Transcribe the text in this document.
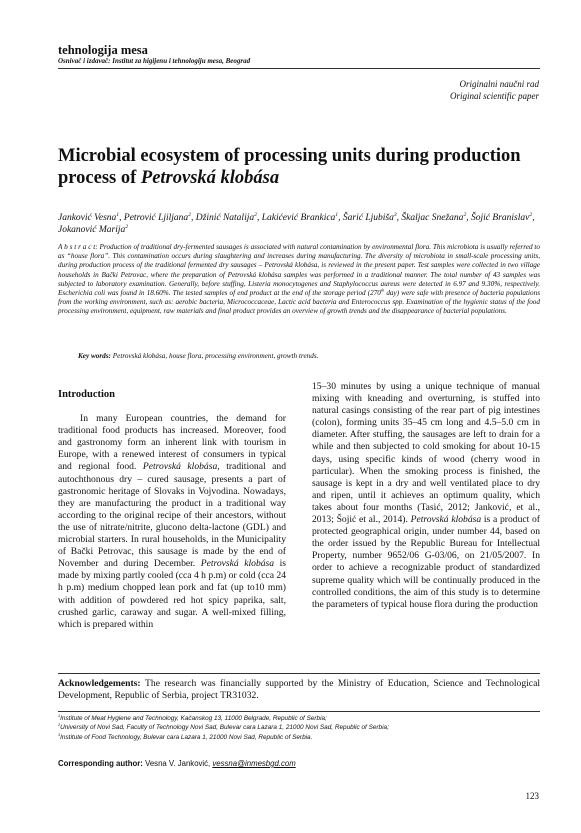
tehnologija mesa
Osnivač i izdavač: Institut za higijenu i tehnologiju mesa, Beograd
Originalni naučni rad
Original scientific paper
Microbial ecosystem of processing units during production process of Petrovská klobása
Janković Vesna$^1$, Petrović Ljiljana$^2$, Džinić Natalija$^2$, Lakićević Brankica$^1$, Šarić Ljubiša$^3$, Škaljac Snežana$^2$, Šojić Branislav$^2$, Jokanović Marija$^2$
A b s t r a c t: Production of traditional dry-fermented sausages is associated with natural contamination by environmental flora. This microbiota is usually referred to as “house flora”. This contamination occurs during slaughtering and increases during manufacturing. The diversity of microbiota in small-scale processing units, during production process of the traditional fermented dry sausages – Petrovská klobása, is reviewed in the present paper. Test samples were collected in two village households in Bački Petrovac, where the preparation of Petrovská klobása samples was performed in a traditional manner. The total number of 43 samples was subjected to laboratory examination. Generally, before stuffing, Listeria monocytogenes and Staphylococcus aureus were detected in 6.97 and 9.30%, respectively. Escherichia coli was found in 18.60%. The tested samples of end product at the end of the storage period (270th day) were safe with presence of bacteria populations from the working environment, such as: aerobic bacteria, Micrococcaceae, Lactic acid bacteria and Enterococcus spp. Examination of the hygienic status of the food processing environment, equipment, raw materials and final product provides an overview of growth trends and the disappearance of bacterial populations.
Key words: Petrovská klobása, house flora, processing environment, growth trends.
Introduction

In many European countries, the demand for traditional food products has increased. Moreover, food and gastronomy form an inherent link with tourism in Europe, with a renewed interest of consumers in typical and regional food. Petrovská klobása, traditional and autochthonous dry – cured sausage, presents a part of gastronomic heritage of Slovaks in Vojvodina. Nowadays, they are manufacturing the product in a traditional way according to the original recipe of their ancestors, without the use of nitrate/nitrite, glucono delta-lactone (GDL) and microbial starters. In rural households, in the Municipality of Bački Petrovac, this sausage is made by the end of November and during December. Petrovská klobása is made by mixing partly cooled (cca 4 h p.m) or cold (cca 24 h p.m) medium chopped lean pork and fat (up to10 mm) with addition of powdered red hot spicy paprika, salt, crushed garlic, caraway and sugar. A well-mixed filling, which is prepared within

15–30 minutes by using a unique technique of manual mixing with kneading and overturning, is stuffed into natural casings consisting of the rear part of pig intestines (colon), forming units 35–45 cm long and 4.5–5.0 cm in diameter. After stuffing, the sausages are left to drain for a while and then subjected to cold smoking for about 10-15 days, using specific kinds of wood (cherry wood in particular). When the smoking process is finished, the sausage is kept in a dry and well ventilated place to dry and ripen, until it achieves an optimum quality, which takes about four months (Tasić, 2012; Janković, et al., 2013; Šojić et al., 2014). Petrovská klobása is a product of protected geographical origin, under number 44, based on the order issued by the Republic Bureau for Intellectual Property, number 9652/06 G-03/06, on 21/05/2007. In order to achieve a recognizable product of standardized supreme quality which will be continually produced in the controlled conditions, the aim of this study is to determine the parameters of typical house flora during the production

Acknowledgements: The research was financially supported by the Ministry of Education, Science and Technological Development, Republic of Serbia, project TR31032.
$^1$Institute of Meat Hygiene and Technology, Kačanskog 13, 11000 Belgrade, Republic of Serbia;
$^2$University of Novi Sad, Faculty of Technology Novi Sad, Bulevar cara Lazara 1, 21000 Novi Sad, Republic of Serbia;
$^3$Institute of Food Technology, Bulevar cara Lazara 1, 21000 Novi Sad, Republic of Serbia.
Corresponding author: Vesna V. Janković, vessna@inmesbgd.com
123
